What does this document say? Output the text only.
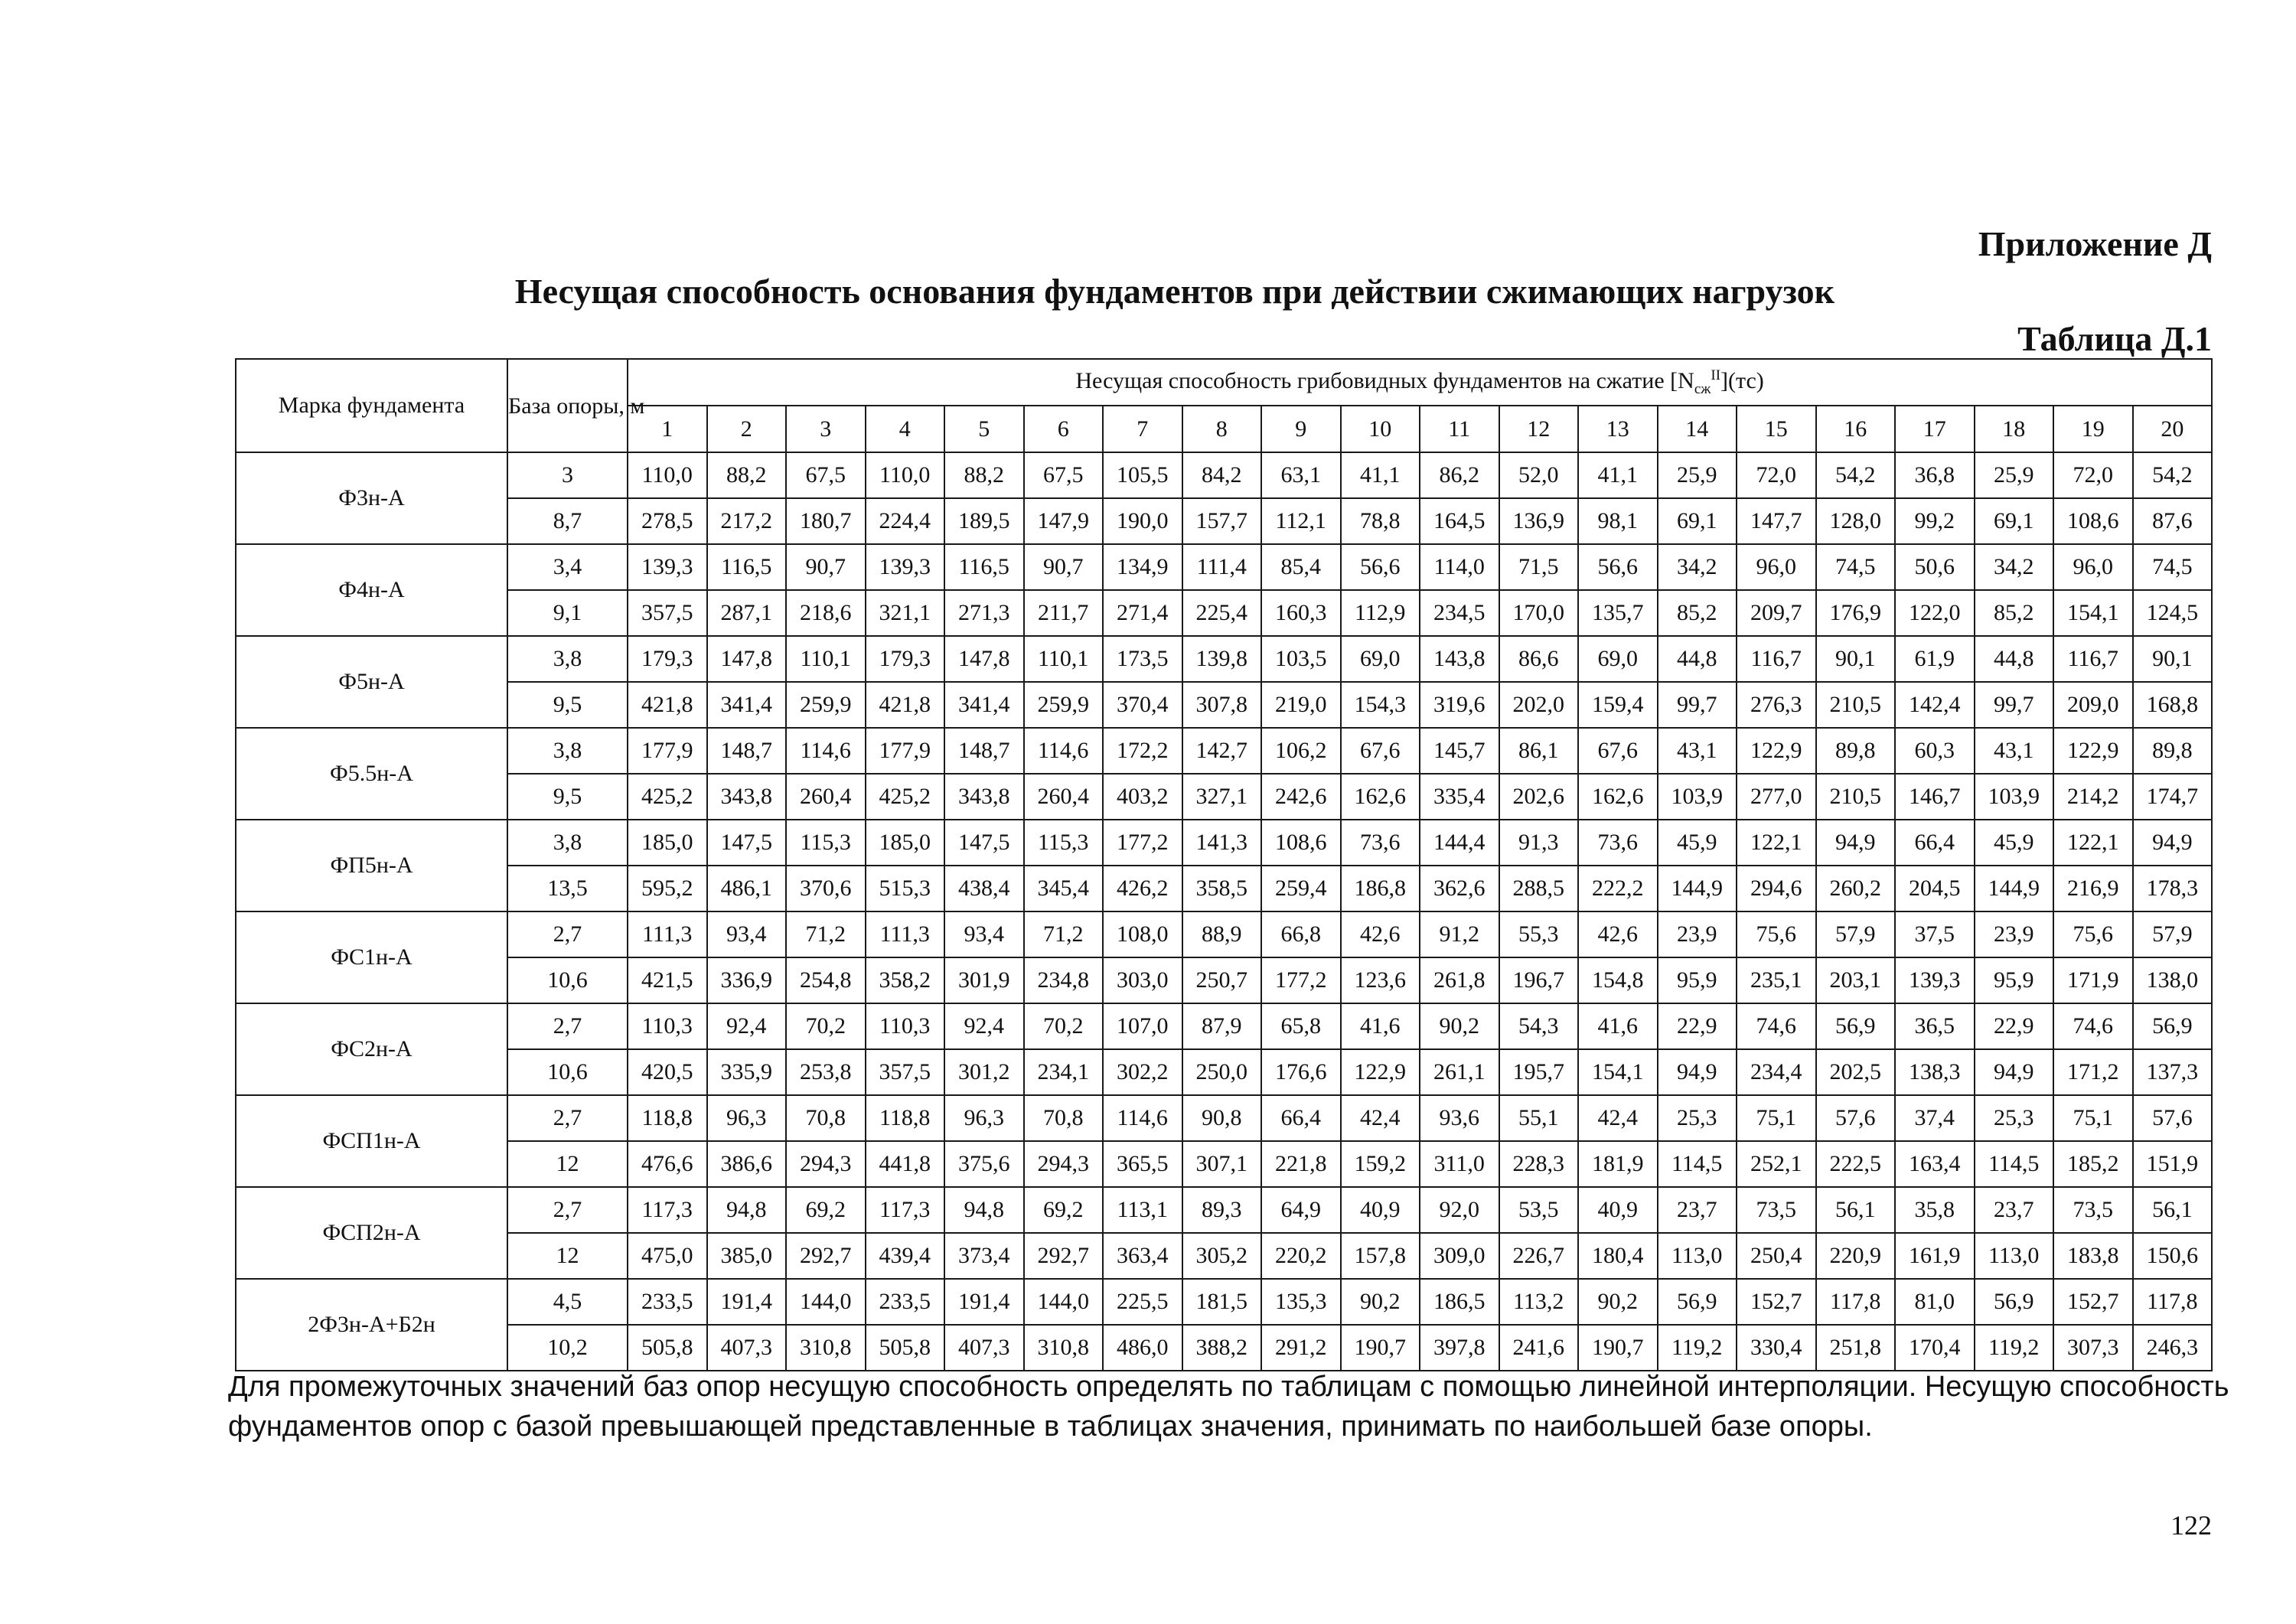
Приложение Д
Несущая способность основания фундаментов при действии сжимающих нагрузок
Таблица Д.1
Марка фундамента	База опоры, м	Несущая способность грибовидных фундаментов на сжатие $[N_{сж}^{II}](тс)$																			
		1	2	3	4	5	6	7	8	9	10	11	12	13	14	15	16	17	18	19	20
Ф3н-А	3	110,0	88,2	67,5	110,0	88,2	67,5	105,5	84,2	63,1	41,1	86,2	52,0	41,1	25,9	72,0	54,2	36,8	25,9	72,0	54,2
	8,7	278,5	217,2	180,7	224,4	189,5	147,9	190,0	157,7	112,1	78,8	164,5	136,9	98,1	69,1	147,7	128,0	99,2	69,1	108,6	87,6
Ф4н-А	3,4	139,3	116,5	90,7	139,3	116,5	90,7	134,9	111,4	85,4	56,6	114,0	71,5	56,6	34,2	96,0	74,5	50,6	34,2	96,0	74,5
	9,1	357,5	287,1	218,6	321,1	271,3	211,7	271,4	225,4	160,3	112,9	234,5	170,0	135,7	85,2	209,7	176,9	122,0	85,2	154,1	124,5
Ф5н-А	3,8	179,3	147,8	110,1	179,3	147,8	110,1	173,5	139,8	103,5	69,0	143,8	86,6	69,0	44,8	116,7	90,1	61,9	44,8	116,7	90,1
	9,5	421,8	341,4	259,9	421,8	341,4	259,9	370,4	307,8	219,0	154,3	319,6	202,0	159,4	99,7	276,3	210,5	142,4	99,7	209,0	168,8
Ф5.5н-А	3,8	177,9	148,7	114,6	177,9	148,7	114,6	172,2	142,7	106,2	67,6	145,7	86,1	67,6	43,1	122,9	89,8	60,3	43,1	122,9	89,8
	9,5	425,2	343,8	260,4	425,2	343,8	260,4	403,2	327,1	242,6	162,6	335,4	202,6	162,6	103,9	277,0	210,5	146,7	103,9	214,2	174,7
ФП5н-А	3,8	185,0	147,5	115,3	185,0	147,5	115,3	177,2	141,3	108,6	73,6	144,4	91,3	73,6	45,9	122,1	94,9	66,4	45,9	122,1	94,9
	13,5	595,2	486,1	370,6	515,3	438,4	345,4	426,2	358,5	259,4	186,8	362,6	288,5	222,2	144,9	294,6	260,2	204,5	144,9	216,9	178,3
ФС1н-А	2,7	111,3	93,4	71,2	111,3	93,4	71,2	108,0	88,9	66,8	42,6	91,2	55,3	42,6	23,9	75,6	57,9	37,5	23,9	75,6	57,9
	10,6	421,5	336,9	254,8	358,2	301,9	234,8	303,0	250,7	177,2	123,6	261,8	196,7	154,8	95,9	235,1	203,1	139,3	95,9	171,9	138,0
ФС2н-А	2,7	110,3	92,4	70,2	110,3	92,4	70,2	107,0	87,9	65,8	41,6	90,2	54,3	41,6	22,9	74,6	56,9	36,5	22,9	74,6	56,9
	10,6	420,5	335,9	253,8	357,5	301,2	234,1	302,2	250,0	176,6	122,9	261,1	195,7	154,1	94,9	234,4	202,5	138,3	94,9	171,2	137,3
ФСП1н-А	2,7	118,8	96,3	70,8	118,8	96,3	70,8	114,6	90,8	66,4	42,4	93,6	55,1	42,4	25,3	75,1	57,6	37,4	25,3	75,1	57,6
	12	476,6	386,6	294,3	441,8	375,6	294,3	365,5	307,1	221,8	159,2	311,0	228,3	181,9	114,5	252,1	222,5	163,4	114,5	185,2	151,9
ФСП2н-А	2,7	117,3	94,8	69,2	117,3	94,8	69,2	113,1	89,3	64,9	40,9	92,0	53,5	40,9	23,7	73,5	56,1	35,8	23,7	73,5	56,1
	12	475,0	385,0	292,7	439,4	373,4	292,7	363,4	305,2	220,2	157,8	309,0	226,7	180,4	113,0	250,4	220,9	161,9	113,0	183,8	150,6
2Ф3н-А+Б2н	4,5	233,5	191,4	144,0	233,5	191,4	144,0	225,5	181,5	135,3	90,2	186,5	113,2	90,2	56,9	152,7	117,8	81,0	56,9	152,7	117,8
	10,2	505,8	407,3	310,8	505,8	407,3	310,8	486,0	388,2	291,2	190,7	397,8	241,6	190,7	119,2	330,4	251,8	170,4	119,2	307,3	246,3

Для промежуточных значений баз опор несущую способность определять по таблицам с помощью линейной интерполяции. Несущую способность фундаментов опор с базой превышающей представленные в таблицах значения, принимать по наибольшей базе опоры.

122
